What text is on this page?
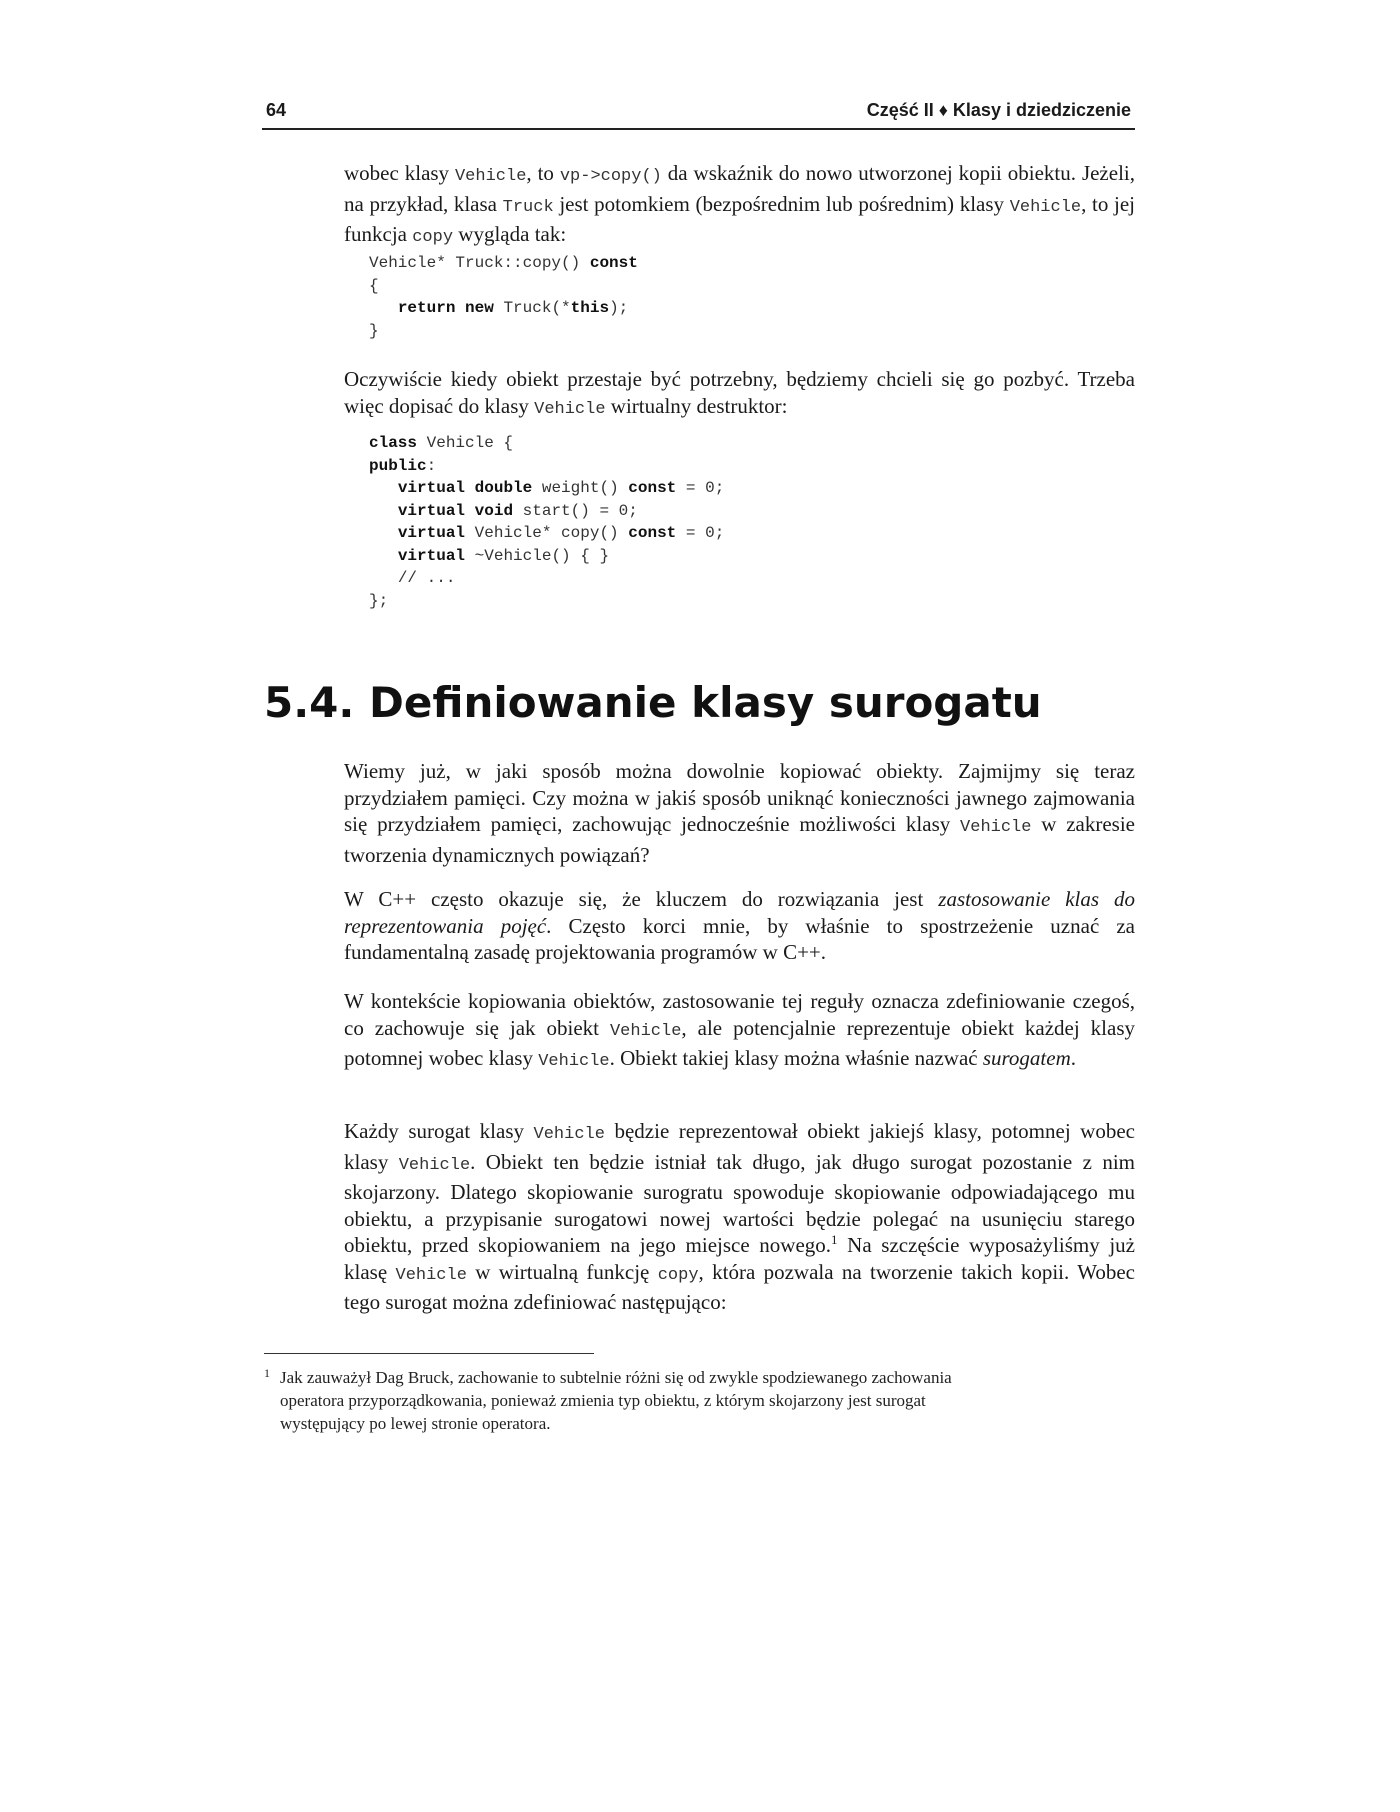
64	Część II ♦ Klasy i dziedziczenie

wobec klasy Vehicle, to vp->copy() da wskaźnik do nowo utworzonej kopii obiektu. Jeżeli, na przykład, klasa Truck jest potomkiem (bezpośrednim lub pośrednim) klasy Vehicle, to jej funkcja copy wygląda tak:

Vehicle* Truck::copy() const
{
return new Truck(*this);
}

Oczywiście kiedy obiekt przestaje być potrzebny, będziemy chcieli się go pozbyć. Trzeba więc dopisać do klasy Vehicle wirtualny destruktor:

class Vehicle {
public:
virtual double weight() const = 0;
virtual void start() = 0;
virtual Vehicle* copy() const = 0;
virtual ~Vehicle() { }
// ...
};
5.4. Definiowanie klasy surogatu

Wiemy już, w jaki sposób można dowolnie kopiować obiekty. Zajmijmy się teraz przydziałem pamięci. Czy można w jakiś sposób uniknąć konieczności jawnego zajmowania się przydziałem pamięci, zachowując jednocześnie możliwości klasy Vehicle w zakresie tworzenia dynamicznych powiązań?

W C++ często okazuje się, że kluczem do rozwiązania jest zastosowanie klas do reprezentowania pojęć. Często korci mnie, by właśnie to spostrzeżenie uznać za fundamentalną zasadę projektowania programów w C++.

W kontekście kopiowania obiektów, zastosowanie tej reguły oznacza zdefiniowanie czegoś, co zachowuje się jak obiekt Vehicle, ale potencjalnie reprezentuje obiekt każdej klasy potomnej wobec klasy Vehicle. Obiekt takiej klasy można właśnie nazwać surogatem.

Każdy surogat klasy Vehicle będzie reprezentował obiekt jakiejś klasy, potomnej wobec klasy Vehicle. Obiekt ten będzie istniał tak długo, jak długo surogat pozostanie z nim skojarzony. Dlatego skopiowanie surogratu spowoduje skopiowanie odpowiadającego mu obiektu, a przypisanie surogatowi nowej wartości będzie polegać na usunięciu starego obiektu, przed skopiowaniem na jego miejsce nowego.$^1$ Na szczęście wyposażyliśmy już klasę Vehicle w wirtualną funkcję copy, która pozwala na tworzenie takich kopii. Wobec tego surogat można zdefiniować następująco:

1 Jak zauważył Dag Bruck, zachowanie to subtelnie różni się od zwykle spodziewanego zachowania
operatora przyporządkowania, ponieważ zmienia typ obiektu, z którym skojarzony jest surogat
występujący po lewej stronie operatora.
